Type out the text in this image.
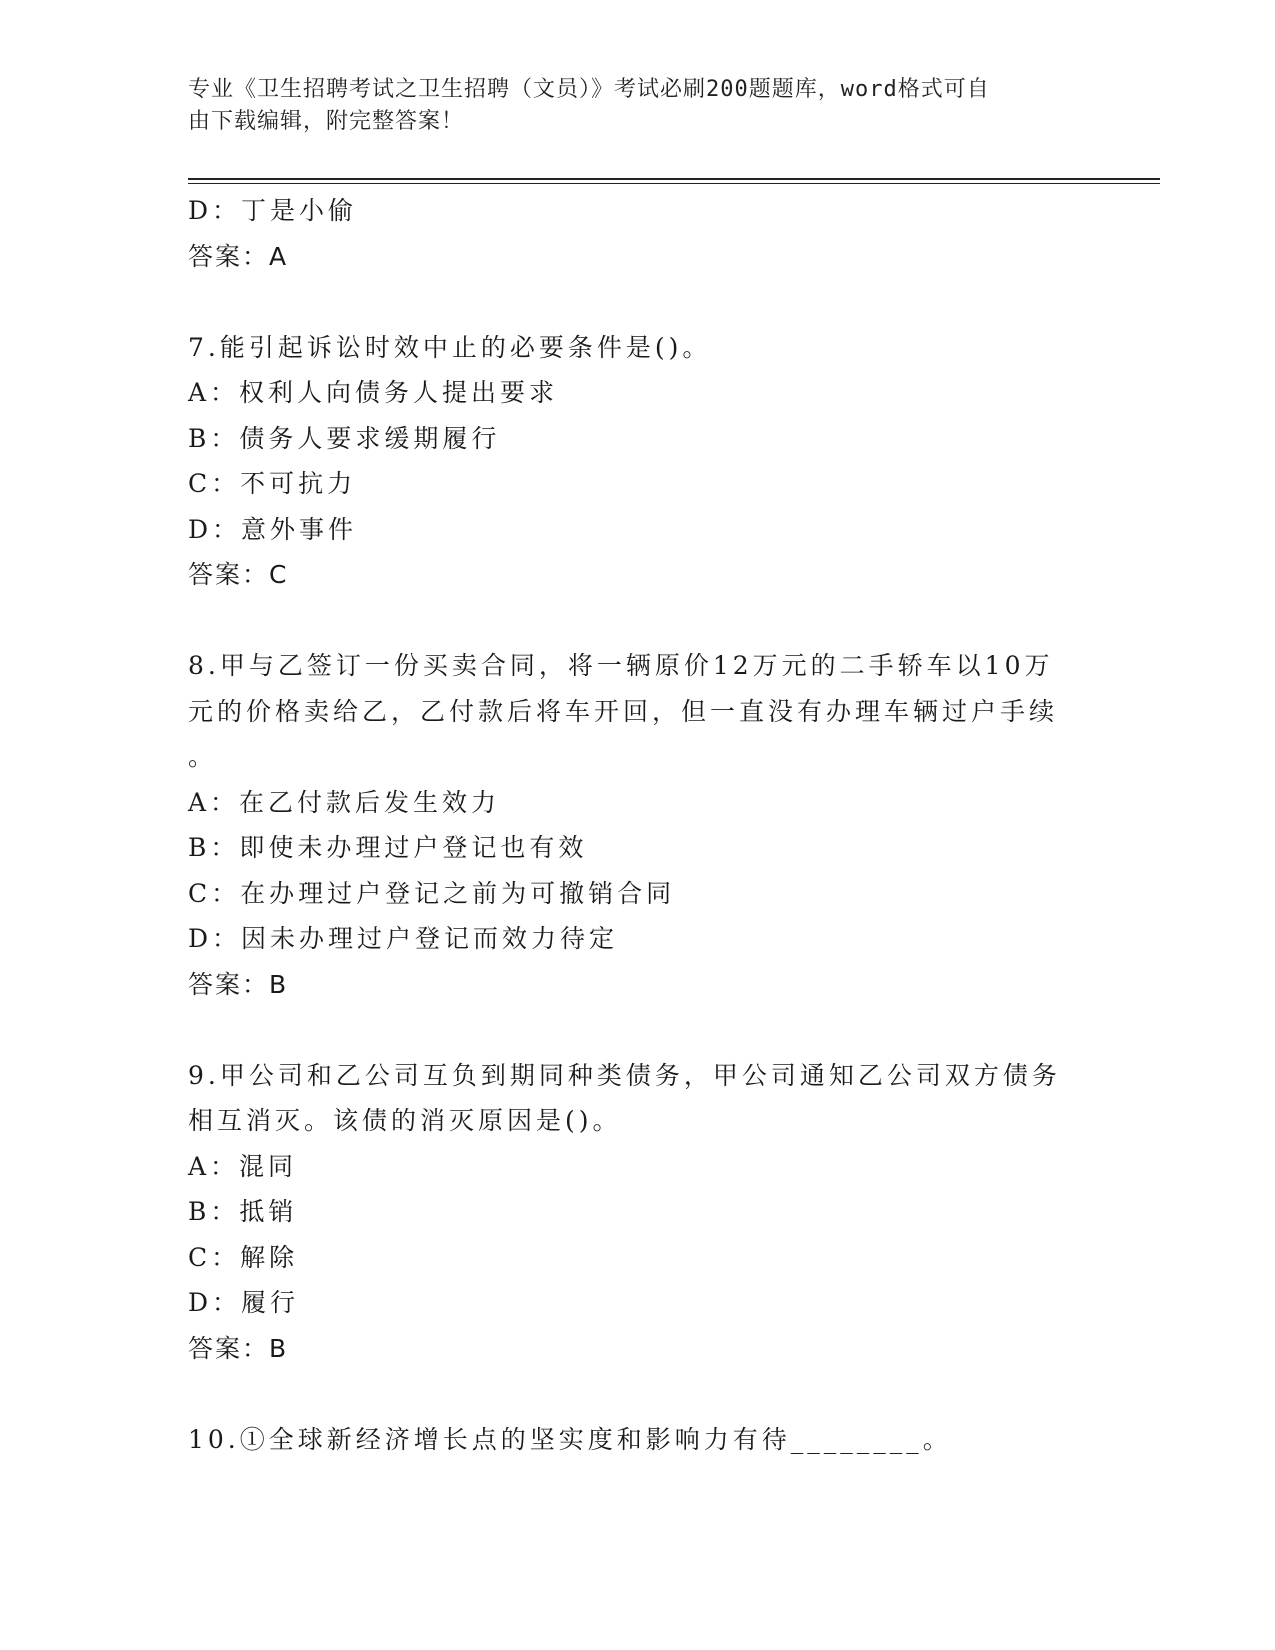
专业《卫生招聘考试之卫生招聘（文员）》考试必刷200题题库，word格式可自
由下载编辑，附完整答案！
D：丁是小偷
答案：A
7.能引起诉讼时效中止的必要条件是()。
A：权利人向债务人提出要求
B：债务人要求缓期履行
C：不可抗力
D：意外事件
答案：C
8.甲与乙签订一份买卖合同，将一辆原价12万元的二手轿车以10万
元的价格卖给乙，乙付款后将车开回，但一直没有办理车辆过户手续
。
A：在乙付款后发生效力
B：即使未办理过户登记也有效
C：在办理过户登记之前为可撤销合同
D：因未办理过户登记而效力待定
答案：B
9.甲公司和乙公司互负到期同种类债务，甲公司通知乙公司双方债务
相互消灭。该债的消灭原因是()。
A：混同
B：抵销
C：解除
D：履行
答案：B
10.①全球新经济增长点的坚实度和影响力有待________。
